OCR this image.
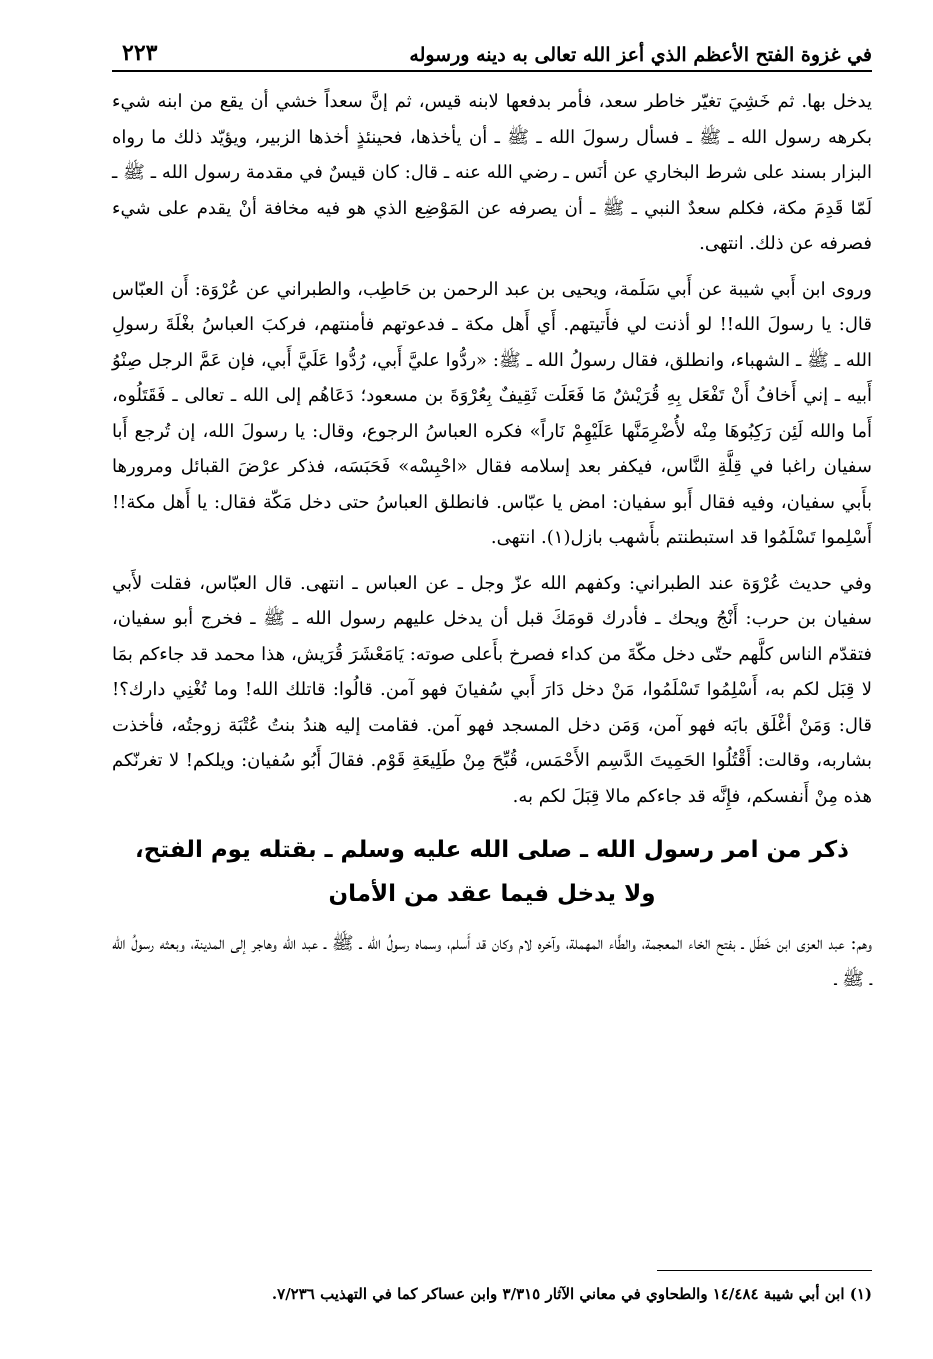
في غزوة الفتح الأعظم الذي أعز الله تعالى به دينه ورسوله
٢٢٣

يدخل بها. ثم خَشِيَ تغيّر خاطر سعد، فأمر بدفعها لابنه قيس، ثم إنَّ سعداً خشي أن يقع من ابنه شيء بكرهه رسول الله ـ ﷺ ـ فسأل رسولَ الله ـ ﷺ ـ أن يأخذها، فحينئذٍ أخذها الزبير، ويؤيّد ذلك ما رواه البزار بسند على شرط البخاري عن أنَس ـ رضي الله عنه ـ قال: كان قيسٌ في مقدمة رسول الله ـ ﷺ ـ لَمّا قَدِمَ مكة، فكلم سعدٌ النبي ـ ﷺ ـ أن يصرفه عن المَوْضِع الذي هو فيه مخافة أنْ يقدم على شيء فصرفه عن ذلك. انتهى.

وروى ابن أَبي شيبة عن أَبي سَلَمة، ويحيى بن عبد الرحمن بن حَاطِب، والطبراني عن عُرْوَة: أَن العبّاس قال: يا رسولَ الله!! لو أذنت لي فأَتيتهم. أَي أَهل مكة ـ فدعوتهم فأمنتهم، فركبَ العباسُ بغْلَةَ رسولِ الله ـ ﷺ ـ الشهباء، وانطلق، فقال رسولُ الله ـ ﷺ: «ردُّوا عليَّ أَبي، رُدُّوا عَلَيَّ أَبي، فإن عَمَّ الرجل صِنْوُ أَبيه ـ إني أَخافُ أَنْ تَفْعَل بِهِ قُرَيْشٌ مَا فَعَلَت ثَقِيفٌ بِعُرْوَةَ بن مسعود؛ دَعَاهُم إلى الله ـ تعالى ـ فَقَتَلُوه، أَما والله لَئِن رَكِبُوهَا مِنْه لأُضْرِمَنَّها عَلَيْهِمْ نَاراً» فكره العباسُ الرجوع، وقال: يا رسولَ الله، إن تُرجع أَبا سفيان راغبا في قِلَّةِ النَّاس، فيكفر بعد إسلامه فقال «احْبِسْه» فَحَبَسَه، فذكر عرْضَ القبائل ومرورها بأَبي سفيان، وفيه فقال أَبو سفيان: امض يا عبّاس. فانطلق العباسُ حتى دخل مَكّة فقال: يا أَهل مكة!! أَسْلِموا تَسْلَمُوا قد استبطنتم بأَشهب بازل(١). انتهى.

وفي حديث عُرْوَة عند الطبراني: وكفهم الله عزّ وجل ـ عن العباس ـ انتهى. قال العبّاس، فقلت لأَبي سفيان بن حرب: أَنْجُ ويحك ـ فأدرك قومَكَ قبل أن يدخل عليهم رسول الله ـ ﷺ ـ فخرج أبو سفيان، فتقدّم الناس كلَّهم حتّى دخل مكّةَ من كداء فصرخ بأَعلى صوته: يَامَعْشَرَ قُرَيش، هذا محمد قد جاءكم بمَا لا قِبَل لكم به، أَسْلِمُوا تَسْلَمُوا، مَنْ دخل دَارَ أَبي سُفيانَ فهو آمن. قالُوا: قاتلك الله! وما تُغْنِي دارك؟! قال: وَمَنْ أغْلَق بابَه فهو آمن، وَمَن دخل المسجد فهو آمن. فقامت إليه هندُ بنتُ عُتْبَة زوجتُه، فأخذت بشاربه، وقالت: أَقْتُلُوا الحَمِيتَ الدَّسِم الأَحْمَس، قُبِّحَ مِنْ طَلِيعَةِ قَوْم. فقالَ أَبُو سُفيان: ويلكم! لا تغرنّكم هذه مِنْ أَنفسكم، فإِنَّه قد جاءكم مالا قِبَلَ لكم به.

ذكر من امر رسول الله ـ صلى الله عليه وسلم ـ بقتله يوم الفتح،
ولا يدخل فيما عقد من الأمان

وهم: عبد العزى ابن خَطَل ـ بفتح الخاء المعجمة، والطَّاء المهملة، وآخره لام وكان قد أَسلم، وسماه رسولُ الله ـ ﷺ ـ عبد اللّه وهاجر إلى المدينة، وبعثه رسولُ الله ـ ﷺ ـ

(١) ابن أبي شيبة ١٤/٤٨٤ والطحاوي في معاني الآثار ٣/٣١٥ وابن عساكر كما في التهذيب ٧/٢٣٦.
